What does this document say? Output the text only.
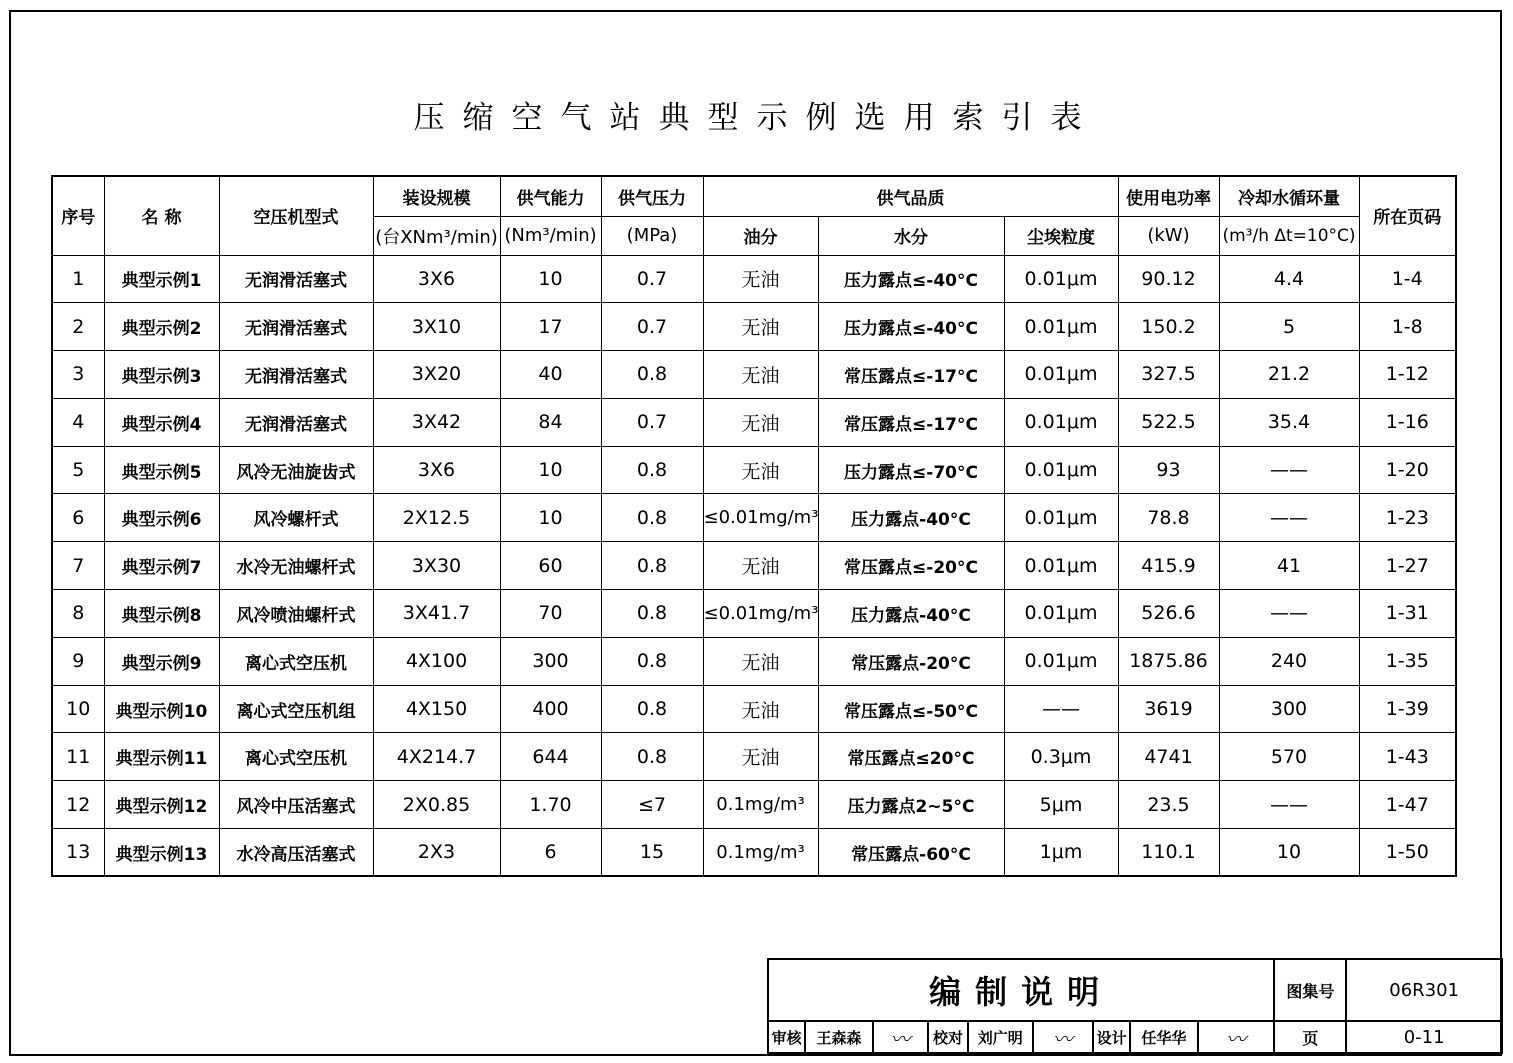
压缩空气站典型示例选用索引表
序号	名 称	空压机型式	装设规模	供气能力	供气压力	供气品质			使用电功率	冷却水循环量	所在页码
			(台XNm³/min)	(Nm³/min)	(MPa)	油分	水分	尘埃粒度	(kW)	(m³/h Δt=10°C)	
1	典型示例1	无润滑活塞式	3X6	10	0.7	无油	压力露点≤-40°C	0.01μm	90.12	4.4	1-4
2	典型示例2	无润滑活塞式	3X10	17	0.7	无油	压力露点≤-40°C	0.01μm	150.2	5	1-8
3	典型示例3	无润滑活塞式	3X20	40	0.8	无油	常压露点≤-17°C	0.01μm	327.5	21.2	1-12
4	典型示例4	无润滑活塞式	3X42	84	0.7	无油	常压露点≤-17°C	0.01μm	522.5	35.4	1-16
5	典型示例5	风冷无油旋齿式	3X6	10	0.8	无油	压力露点≤-70°C	0.01μm	93	——	1-20
6	典型示例6	风冷螺杆式	2X12.5	10	0.8	≤0.01mg/m³	压力露点-40°C	0.01μm	78.8	——	1-23
7	典型示例7	水冷无油螺杆式	3X30	60	0.8	无油	常压露点≤-20°C	0.01μm	415.9	41	1-27
8	典型示例8	风冷喷油螺杆式	3X41.7	70	0.8	≤0.01mg/m³	压力露点-40°C	0.01μm	526.6	——	1-31
9	典型示例9	离心式空压机	4X100	300	0.8	无油	常压露点-20°C	0.01μm	1875.86	240	1-35
10	典型示例10	离心式空压机组	4X150	400	0.8	无油	常压露点≤-50°C	——	3619	300	1-39
11	典型示例11	离心式空压机	4X214.7	644	0.8	无油	常压露点≤20°C	0.3μm	4741	570	1-43
12	典型示例12	风冷中压活塞式	2X0.85	1.70	≤7	0.1mg/m³	压力露点2~5°C	5μm	23.5	——	1-47
13	典型示例13	水冷高压活塞式	2X3	6	15	0.1mg/m³	常压露点-60°C	1μm	110.1	10	1-50
编制说明									图集号	06R301
审核	王森森	〰	校对	刘广明	〰	设计	任华华	〰	页	0-11
